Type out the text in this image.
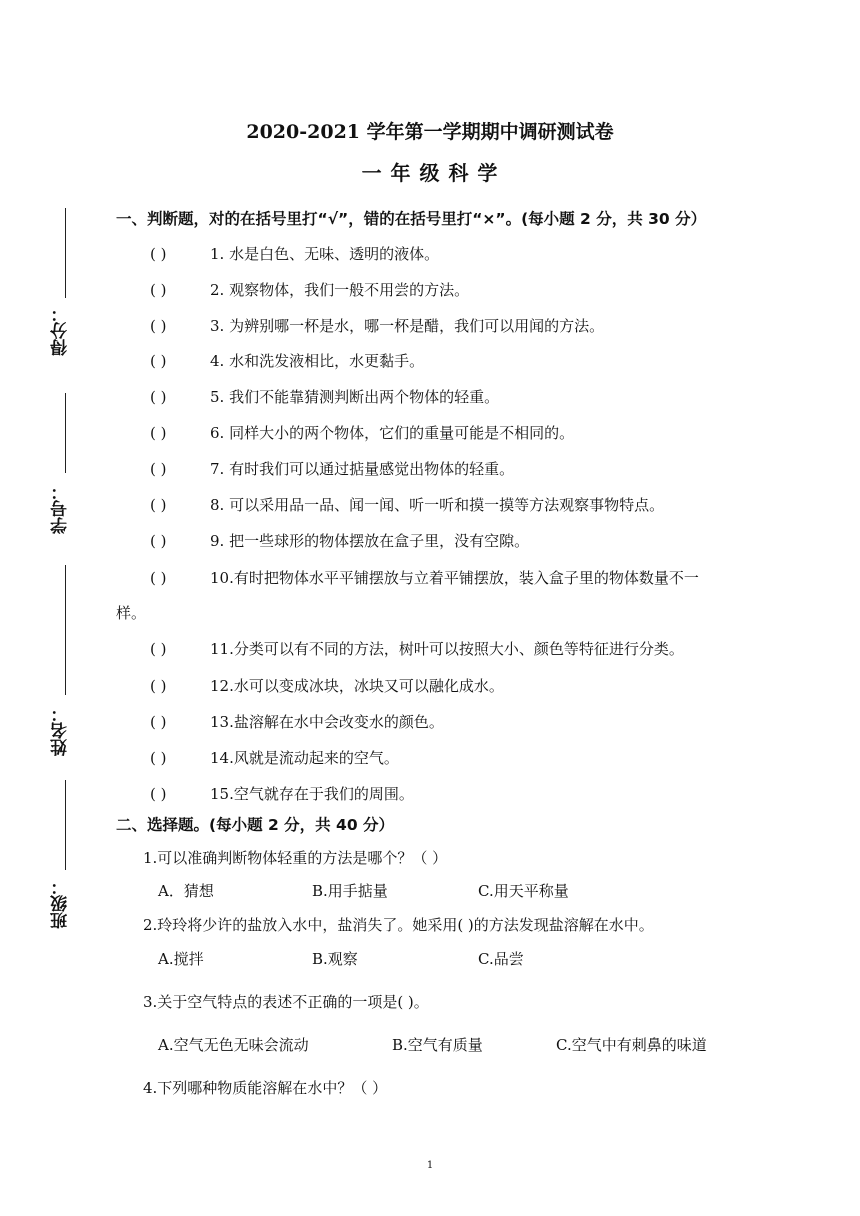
得分：
学号：
姓名：
班级：
2020-2021 学年第一学期期中调研测试卷
一 年 级 科 学
一、判断题，对的在括号里打“√”，错的在括号里打“×”。(每小题 2 分，共 30 分）
( )	1. 水是白色、无味、透明的液体。
( )	2. 观察物体，我们一般不用尝的方法。
( )	3. 为辨别哪一杯是水，哪一杯是醋，我们可以用闻的方法。
( )	4. 水和洗发液相比，水更黏手。
( )	5. 我们不能靠猜测判断出两个物体的轻重。
( )	6. 同样大小的两个物体，它们的重量可能是不相同的。
( )	7. 有时我们可以通过掂量感觉出物体的轻重。
( )	8. 可以采用品一品、闻一闻、听一听和摸一摸等方法观察事物特点。
( )	9. 把一些球形的物体摆放在盒子里，没有空隙。
( )	10.有时把物体水平平铺摆放与立着平铺摆放，装入盒子里的物体数量不一
样。
( )	11.分类可以有不同的方法，树叶可以按照大小、颜色等特征进行分类。
( )	12.水可以变成冰块，冰块又可以融化成水。
( )	13.盐溶解在水中会改变水的颜色。
( )	14.风就是流动起来的空气。
( )	15.空气就存在于我们的周围。
二、选择题。(每小题 2 分，共 40 分）
1.可以准确判断物体轻重的方法是哪个？（ ）
A．猜想	B.用手掂量	C.用天平称量
2.玲玲将少许的盐放入水中，盐消失了。她采用( )的方法发现盐溶解在水中。
A.搅拌	B.观察	C.品尝
3.关于空气特点的表述不正确的一项是( )。
A.空气无色无味会流动	B.空气有质量	C.空气中有刺鼻的味道
4.下列哪种物质能溶解在水中？（ ）
1
